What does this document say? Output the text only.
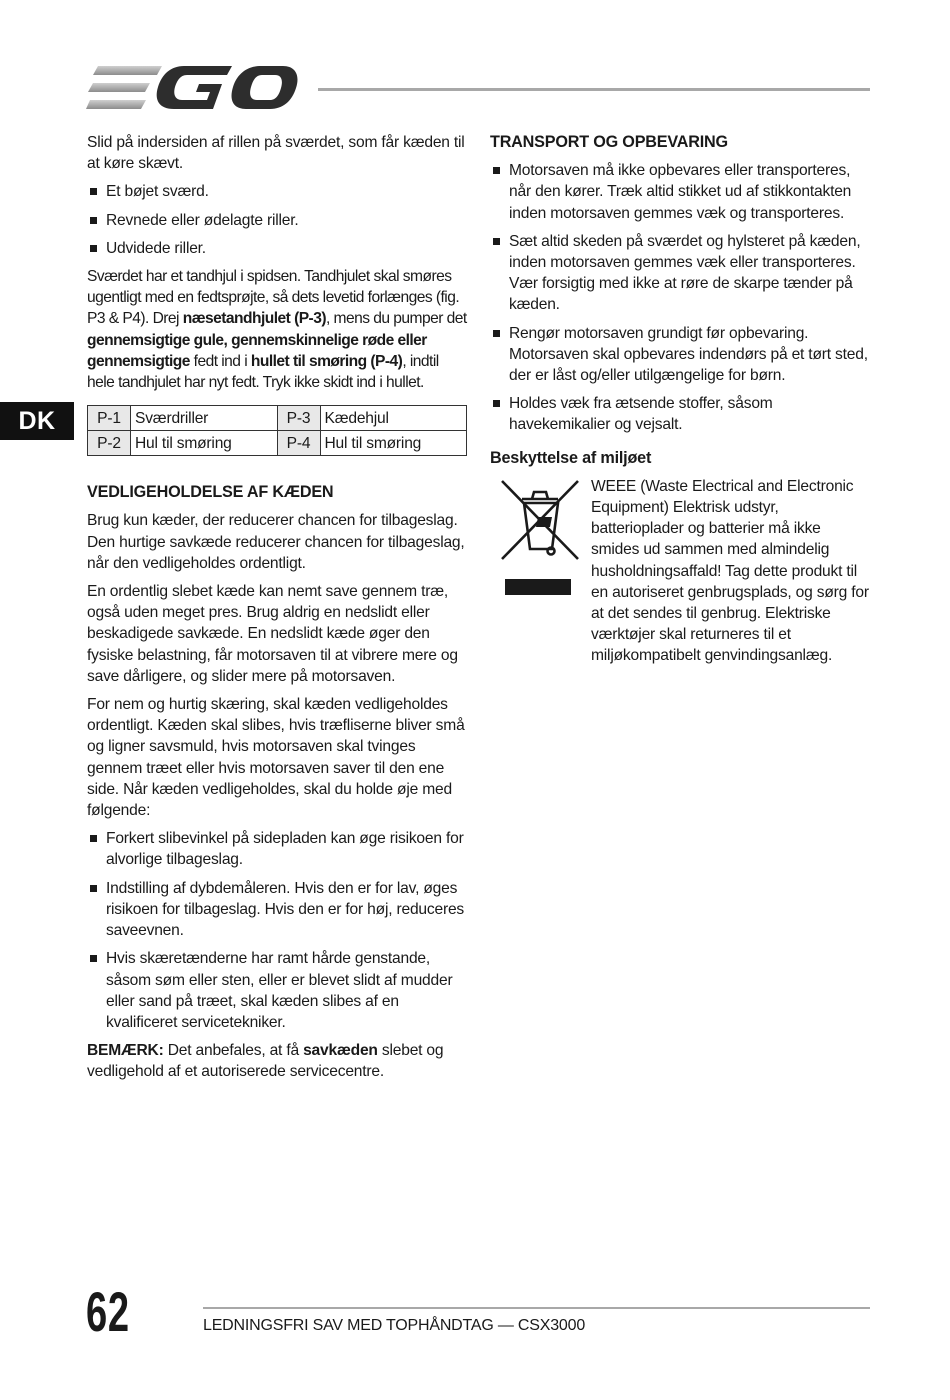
DK

Slid på indersiden af rillen på sværdet, som får kæden til at køre skævt.

Et bøjet sværd.
Revnede eller ødelagte riller.
Udvidede riller.

Sværdet har et tandhjul i spidsen. Tandhjulet skal smøres ugentligt med en fedtsprøjte, så dets levetid forlænges (fig. P3 & P4). Drej næsetandhjulet (P-3), mens du pumper det gennemsigtige gule, gennemskinnelige røde eller gennemsigtige fedt ind i hullet til smøring (P-4), indtil hele tandhjulet har nyt fedt. Tryk ikke skidt ind i hullet.

P-1	Sværdriller	P-3	Kædehjul
P-2	Hul til smøring	P-4	Hul til smøring
VEDLIGEHOLDELSE AF KÆDEN

Brug kun kæder, der reducerer chancen for tilbageslag. Den hurtige savkæde reducerer chancen for tilbageslag, når den vedligeholdes ordentligt.

En ordentlig slebet kæde kan nemt save gennem træ, også uden meget pres. Brug aldrig en nedslidt eller beskadigede savkæde. En nedslidt kæde øger den fysiske belastning, får motorsaven til at vibrere mere og save dårligere, og slider mere på motorsaven.

For nem og hurtig skæring, skal kæden vedligeholdes ordentligt. Kæden skal slibes, hvis træfliserne bliver små og ligner savsmuld, hvis motorsaven skal tvinges gennem træet eller hvis motorsaven saver til den ene side. Når kæden vedligeholdes, skal du holde øje med følgende:

Forkert slibevinkel på sidepladen kan øge risikoen for alvorlige tilbageslag.
Indstilling af dybdemåleren. Hvis den er for lav, øges risikoen for tilbageslag. Hvis den er for høj, reduceres saveevnen.
Hvis skæretænderne har ramt hårde genstande, såsom søm eller sten, eller er blevet slidt af mudder eller sand på træet, skal kæden slibes af en kvalificeret servicetekniker.

BEMÆRK: Det anbefales, at få savkæden slebet og vedligehold af et autoriserede servicecentre.

TRANSPORT OG OPBEVARING
Motorsaven må ikke opbevares eller transporteres, når den kører. Træk altid stikket ud af stikkontakten inden motorsaven gemmes væk og transporteres.
Sæt altid skeden på sværdet og hylsteret på kæden, inden motorsaven gemmes væk eller transporteres. Vær forsigtig med ikke at røre de skarpe tænder på kæden.
Rengør motorsaven grundigt før opbevaring. Motorsaven skal opbevares indendørs på et tørt sted, der er låst og/eller utilgængelige for børn.
Holdes væk fra ætsende stoffer, såsom havekemikalier og vejsalt.
Beskyttelse af miljøet

WEEE (Waste Electrical and Electronic Equipment) Elektrisk udstyr, batterioplader og batterier må ikke smides ud sammen med almindelig husholdningsaffald! Tag dette produkt til en autoriseret genbrugsplads, og sørg for at det sendes til genbrug. Elektriske værktøjer skal returneres til et miljøkompatibelt genvindingsanlæg.

62	LEDNINGSFRI SAV MED TOPHÅNDTAG — CSX3000
